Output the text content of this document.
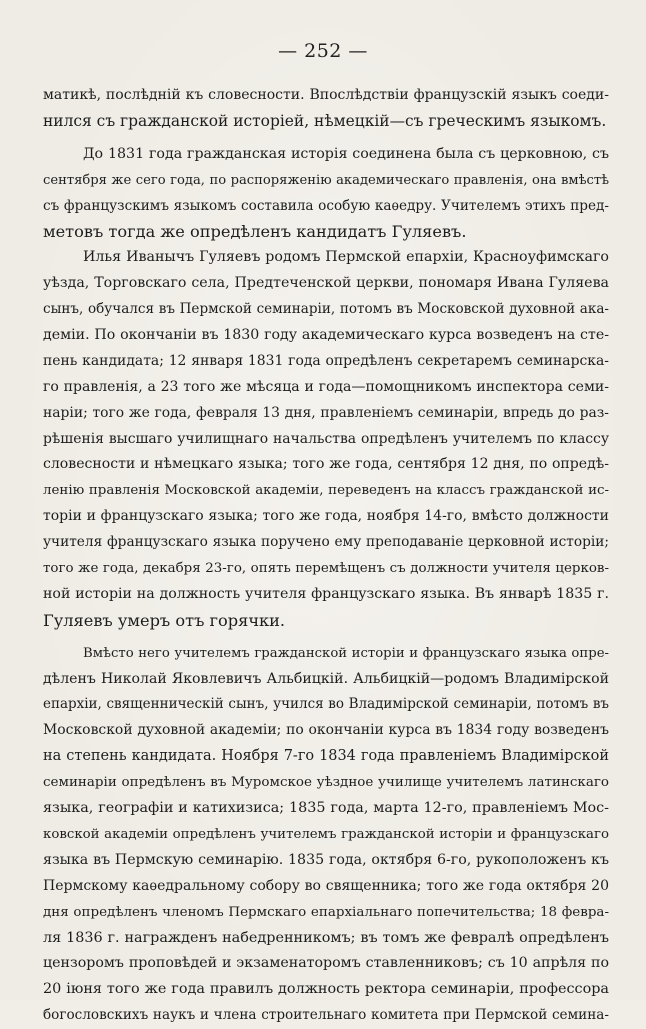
— 252 —
матикѣ, послѣдній къ словесности. Впослѣдствіи французскій языкъ соеди-
нился съ гражданской исторіей, нѣмецкій—съ греческимъ языкомъ.
До 1831 года гражданская исторія соединена была съ церковною, съ
сентября же сего года, по распоряженію академическаго правленія, она вмѣстѣ
съ французскимъ языкомъ составила особую каѳедру. Учителемъ этихъ пред-
метовъ тогда же опредѣленъ кандидатъ Гуляевъ.
Илья Иванычъ Гуляевъ родомъ Пермской епархіи, Красноуфимскаго
уѣзда, Торговскаго села, Предтеченской церкви, пономаря Ивана Гуляева
сынъ, обучался въ Пермской семинаріи, потомъ въ Московской духовной ака-
деміи. По окончаніи въ 1830 году академическаго курса возведенъ на сте-
пень кандидата; 12 января 1831 года опредѣленъ секретаремъ семинарска-
го правленія, а 23 того же мѣсяца и года—помощникомъ инспектора семи-
наріи; того же года, февраля 13 дня, правленіемъ семинаріи, впредь до раз-
рѣшенія высшаго училищнаго начальства опредѣленъ учителемъ по классу
словесности и нѣмецкаго языка; того же года, сентября 12 дня, по опредѣ-
ленію правленія Московской академіи, переведенъ на классъ гражданской ис-
торіи и французскаго языка; того же года, ноября 14-го, вмѣсто должности
учителя французскаго языка поручено ему преподаваніе церковной исторіи;
того же года, декабря 23-го, опять перемѣщенъ съ должности учителя церков-
ной исторіи на должность учителя французскаго языка. Въ январѣ 1835 г.
Гуляевъ умеръ отъ горячки.
Вмѣсто него учителемъ гражданской исторіи и французскаго языка опре-
дѣленъ Николай Яковлевичъ Альбицкій. Альбицкій—родомъ Владимірской
епархіи, священническій сынъ, учился во Владимірской семинаріи, потомъ въ
Московской духовной академіи; по окончаніи курса въ 1834 году возведенъ
на степень кандидата. Ноября 7-го 1834 года правленіемъ Владимірской
семинаріи опредѣленъ въ Муромское уѣздное училище учителемъ латинскаго
языка, географіи и катихизиса; 1835 года, марта 12-го, правленіемъ Мос-
ковской академіи опредѣленъ учителемъ гражданской исторіи и французскаго
языка въ Пермскую семинарію. 1835 года, октября 6-го, рукоположенъ къ
Пермскому каѳедральному собору во священника; того же года октября 20
дня опредѣленъ членомъ Пермскаго епархіальнаго попечительства; 18 февра-
ля 1836 г. награжденъ набедренникомъ; въ томъ же февралѣ опредѣленъ
цензоромъ проповѣдей и экзаменаторомъ ставленниковъ; съ 10 апрѣля по
20 іюня того же года правилъ должность ректора семинаріи, профессора
богословскихъ наукъ и члена строительнаго комитета при Пермской семина-
